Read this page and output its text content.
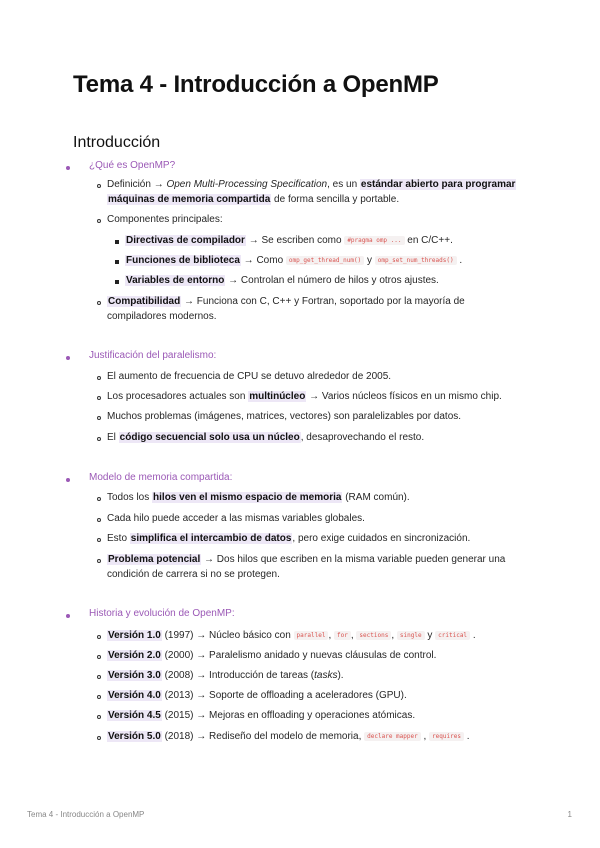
Tema 4 - Introducción a OpenMP
Introducción
¿Qué es OpenMP?
Definición → Open Multi-Processing Specification, es un estándar abierto para programar
máquinas de memoria compartida de forma sencilla y portable.
Componentes principales:
Directivas de compilador → Se escriben como #pragma omp ... en C/C++.
Funciones de biblioteca → Como omp_get_thread_num() y omp_set_num_threads() .
Variables de entorno → Controlan el número de hilos y otros ajustes.
Compatibilidad → Funciona con C, C++ y Fortran, soportado por la mayoría de
compiladores modernos.
Justificación del paralelismo:
El aumento de frecuencia de CPU se detuvo alrededor de 2005.
Los procesadores actuales son multinúcleo → Varios núcleos físicos en un mismo chip.
Muchos problemas (imágenes, matrices, vectores) son paralelizables por datos.
El código secuencial solo usa un núcleo, desaprovechando el resto.
Modelo de memoria compartida:
Todos los hilos ven el mismo espacio de memoria (RAM común).
Cada hilo puede acceder a las mismas variables globales.
Esto simplifica el intercambio de datos, pero exige cuidados en sincronización.
Problema potencial → Dos hilos que escriben en la misma variable pueden generar una
condición de carrera si no se protegen.
Historia y evolución de OpenMP:
Versión 1.0 (1997) → Núcleo básico con parallel , for , sections , single y critical .
Versión 2.0 (2000) → Paralelismo anidado y nuevas cláusulas de control.
Versión 3.0 (2008) → Introducción de tareas (tasks).
Versión 4.0 (2013) → Soporte de offloading a aceleradores (GPU).
Versión 4.5 (2015) → Mejoras en offloading y operaciones atómicas.
Versión 5.0 (2018) → Rediseño del modelo de memoria, declare mapper , requires .
Tema 4 - Introducción a OpenMP	1
